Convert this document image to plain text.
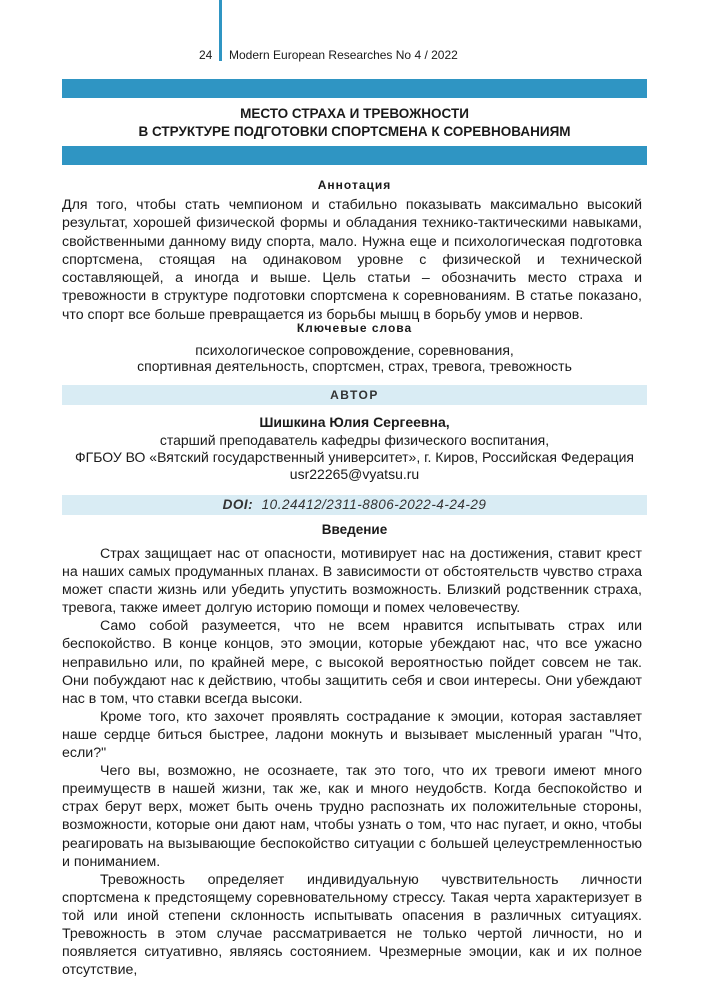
24 Modern European Researches No 4 / 2022
МЕСТО СТРАХА И ТРЕВОЖНОСТИ
В СТРУКТУРЕ ПОДГОТОВКИ СПОРТСМЕНА К СОРЕВНОВАНИЯМ
Аннотация
Для того, чтобы стать чемпионом и стабильно показывать максимально высокий результат, хорошей физической формы и обладания технико-тактическими навыками, свойственными данному виду спорта, мало. Нужна еще и психологическая подготовка спортсмена, стоящая на одинаковом уровне с физической и технической составляющей, а иногда и выше. Цель статьи – обозначить место страха и тревожности в структуре подготовки спортсмена к соревнованиям. В статье показано, что спорт все больше превращается из борьбы мышц в борьбу умов и нервов.
Ключевые слова
психологическое сопровождение, соревнования,
спортивная деятельность, спортсмен, страх, тревога, тревожность
АВТОР
Шишкина Юлия Сергеевна,
старший преподаватель кафедры физического воспитания,
ФГБОУ ВО «Вятский государственный университет», г. Киров, Российская Федерация
usr22265@vyatsu.ru
DOI: 10.24412/2311-8806-2022-4-24-29
Введение

Страх защищает нас от опасности, мотивирует нас на достижения, ставит крест на наших самых продуманных планах. В зависимости от обстоятельств чувство страха может спасти жизнь или убедить упустить возможность. Близкий родственник страха, тревога, также имеет долгую историю помощи и помех человечеству.

Само собой разумеется, что не всем нравится испытывать страх или беспокойство. В конце концов, это эмоции, которые убеждают нас, что все ужасно неправильно или, по крайней мере, с высокой вероятностью пойдет совсем не так. Они побуждают нас к действию, чтобы защитить себя и свои интересы. Они убеждают нас в том, что ставки всегда высоки.

Кроме того, кто захочет проявлять сострадание к эмоции, которая заставляет наше сердце биться быстрее, ладони мокнуть и вызывает мысленный ураган "Что, если?"

Чего вы, возможно, не осознаете, так это того, что их тревоги имеют много преимуществ в нашей жизни, так же, как и много неудобств. Когда беспокойство и страх берут верх, может быть очень трудно распознать их положительные стороны, возможности, которые они дают нам, чтобы узнать о том, что нас пугает, и окно, чтобы реагировать на вызывающие беспокойство ситуации с большей целеустремленностью и пониманием.

Тревожность определяет индивидуальную чувствительность личности спортсмена к предстоящему соревновательному стрессу. Такая черта характеризует в той или иной степени склонность испытывать опасения в различных ситуациях. Тревожность в этом случае рассматривается не только чертой личности, но и появляется ситуативно, являясь состоянием. Чрезмерные эмоции, как и их полное отсутствие,
